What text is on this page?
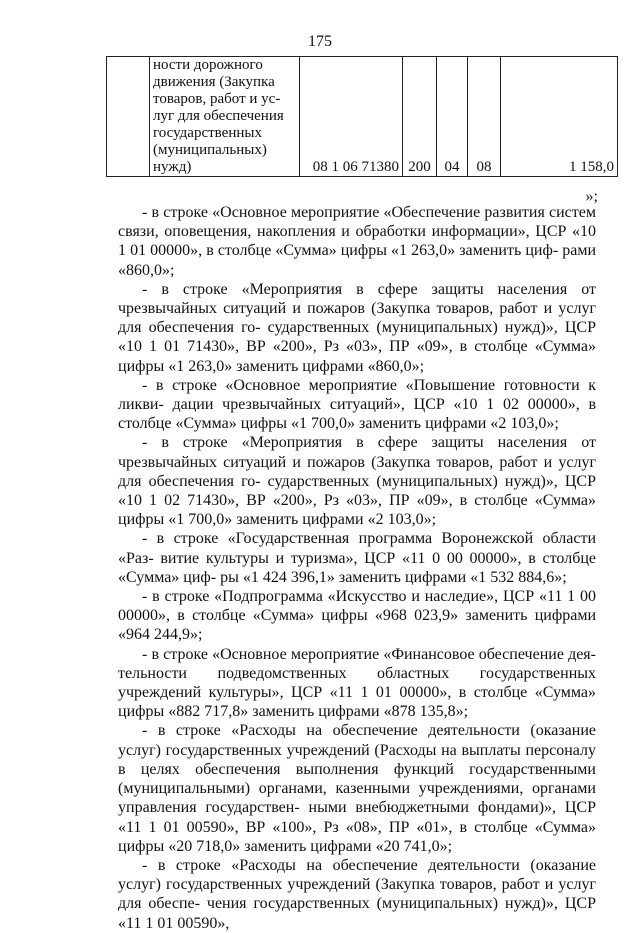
175
	ности дорожного движения (Закупка товаров, работ и ус- луг для обеспечения государственных (муниципальных) нужд)	08 1 06 71380	200	04	08	1 158,0
»;

- в строке «Основное мероприятие «Обеспечение развития систем связи, оповещения, накопления и обработки информации», ЦСР «10 1 01 00000», в столбце «Сумма» цифры «1 263,0» заменить циф- рами «860,0»;

- в строке «Мероприятия в сфере защиты населения от чрезвычайных ситуаций и пожаров (Закупка товаров, работ и услуг для обеспечения го- сударственных (муниципальных) нужд)», ЦСР «10 1 01 71430», ВР «200», Рз «03», ПР «09», в столбце «Сумма» цифры «1 263,0» заменить цифрами «860,0»;

- в строке «Основное мероприятие «Повышение готовности к ликви- дации чрезвычайных ситуаций», ЦСР «10 1 02 00000», в столбце «Сумма» цифры «1 700,0» заменить цифрами «2 103,0»;

- в строке «Мероприятия в сфере защиты населения от чрезвычайных ситуаций и пожаров (Закупка товаров, работ и услуг для обеспечения го- сударственных (муниципальных) нужд)», ЦСР «10 1 02 71430», ВР «200», Рз «03», ПР «09», в столбце «Сумма» цифры «1 700,0» заменить цифрами «2 103,0»;

- в строке «Государственная программа Воронежской области «Раз- витие культуры и туризма», ЦСР «11 0 00 00000», в столбце «Сумма» циф- ры «1 424 396,1» заменить цифрами «1 532 884,6»;

- в строке «Подпрограмма «Искусство и наследие», ЦСР «11 1 00 00000», в столбце «Сумма» цифры «968 023,9» заменить цифрами «964 244,9»;

- в строке «Основное мероприятие «Финансовое обеспечение дея- тельности подведомственных областных государственных учреждений культуры», ЦСР «11 1 01 00000», в столбце «Сумма» цифры «882 717,8» заменить цифрами «878 135,8»;

- в строке «Расходы на обеспечение деятельности (оказание услуг) государственных учреждений (Расходы на выплаты персоналу в целях обеспечения выполнения функций государственными (муниципальными) органами, казенными учреждениями, органами управления государствен- ными внебюджетными фондами)», ЦСР «11 1 01 00590», ВР «100», Рз «08», ПР «01», в столбце «Сумма» цифры «20 718,0» заменить цифрами «20 741,0»;

- в строке «Расходы на обеспечение деятельности (оказание услуг) государственных учреждений (Закупка товаров, работ и услуг для обеспе- чения государственных (муниципальных) нужд)», ЦСР «11 1 01 00590»,
